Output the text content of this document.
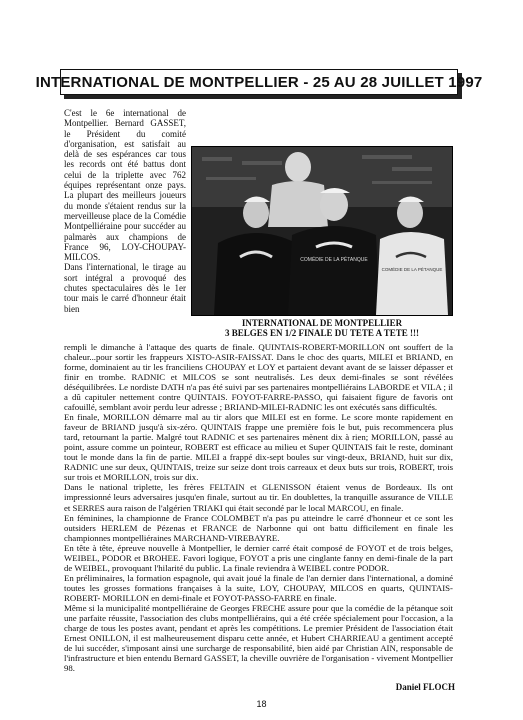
INTERNATIONAL DE MONTPELLIER - 25 AU 28 JUILLET 1997

C'est le 6e international de Montpellier. Bernard GASSET, le Président du comité d'organisation, est satisfait au delà de ses espérances car tous les records ont été battus dont celui de la triplette avec 762 équipes représentant onze pays. La plupart des meilleurs joueurs du monde s'étaient rendus sur la merveilleuse place de la Comédie Montpelliéraine pour succéder au palmarès aux champions de France 96, LOY-CHOUPAY-MILCOS.

Dans l'international, le tirage au sort intégral a provoqué des chutes spectaculaires dès le 1er tour mais le carré d'honneur était bien

COMÉDIE DE LA PÉTANQUE
COMÉDIE DE LA PÉTANQUE
INTERNATIONAL DE MONTPELLIER
3 BELGES EN 1/2 FINALE DU TETE A TETE !!!

rempli le dimanche à l'attaque des quarts de finale. QUINTAIS-ROBERT-MORILLON ont souffert de la chaleur...pour sortir les frappeurs XISTO-ASIR-FAISSAT. Dans le choc des quarts, MILEI et BRIAND, en forme, dominaient au tir les franciliens CHOUPAY et LOY et partaient devant avant de se laisser dépasser et finir en trombe. RADNIC et MILCOS se sont neutralisés. Les deux demi-finales se sont révélées déséquilibrées. Le nordiste DATH n'a pas été suivi par ses partenaires montpelliérains LABORDE et VILA ; il a dû capituler nettement contre QUINTAIS. FOYOT-FARRE-PASSO, qui faisaient figure de favoris ont cafouillé, semblant avoir perdu leur adresse ; BRIAND-MILEI-RADNIC les ont exécutés sans difficultés.

En finale, MORILLON démarre mal au tir alors que MILEI est en forme. Le score monte rapidement en faveur de BRIAND jusqu'à six-zéro. QUINTAIS frappe une première fois le but, puis recommencera plus tard, retournant la partie. Malgré tout RADNIC et ses partenaires mènent dix à rien; MORILLON, passé au point, assure comme un pointeur, ROBERT est efficace au milieu et Super QUINTAIS fait le reste, dominant tout le monde dans la fin de partie. MILEI a frappé dix-sept boules sur vingt-deux, BRIAND, huit sur dix, RADNIC une sur deux, QUINTAIS, treize sur seize dont trois carreaux et deux buts sur trois, ROBERT, trois sur trois et MORILLON, trois sur dix.

Dans le national triplette, les frères FELTAIN et GLENISSON étaient venus de Bordeaux. Ils ont impressionné leurs adversaires jusqu'en finale, surtout au tir. En doublettes, la tranquille assurance de VILLE et SERRES aura raison de l'algérien TRIAKI qui était secondé par le local MARCOU, en finale.

En féminines, la championne de France COLOMBET n'a pas pu atteindre le carré d'honneur et ce sont les outsiders HERLEM de Pézenas et FRANCE de Narbonne qui ont battu difficilement en finale les championnes montpelliéraines MARCHAND-VIREBAYRE.

En tête à tête, épreuve nouvelle à Montpellier, le dernier carré était composé de FOYOT et de trois belges, WEIBEL, PODOR et BROHEE. Favori logique, FOYOT a pris une cinglante fanny en demi-finale de la part de WEIBEL, provoquant l'hilarité du public. La finale reviendra à WEIBEL contre PODOR.

En préliminaires, la formation espagnole, qui avait joué la finale de l'an dernier dans l'international, a dominé toutes les grosses formations françaises à la suite, LOY, CHOUPAY, MILCOS en quarts, QUINTAIS-ROBERT- MORILLON en demi-finale et FOYOT-PASSO-FARRE en finale.

Même si la municipalité montpelliéraine de Georges FRECHE assure pour que la comédie de la pétanque soit une parfaite réussite, l'association des clubs montpelliérains, qui a été créée spécialement pour l'occasion, a la charge de tous les postes avant, pendant et après les compétitions. Le premier Président de l'association était Ernest ONILLON, il est malheureusement disparu cette année, et Hubert CHARRIEAU a gentiment accepté de lui succéder, s'imposant ainsi une surcharge de responsabilité, bien aidé par Christian AIN, responsable de l'infrastructure et bien entendu Bernard GASSET, la cheville ouvrière de l'organisation - vivement Montpellier 98.

Daniel FLOCH
18
